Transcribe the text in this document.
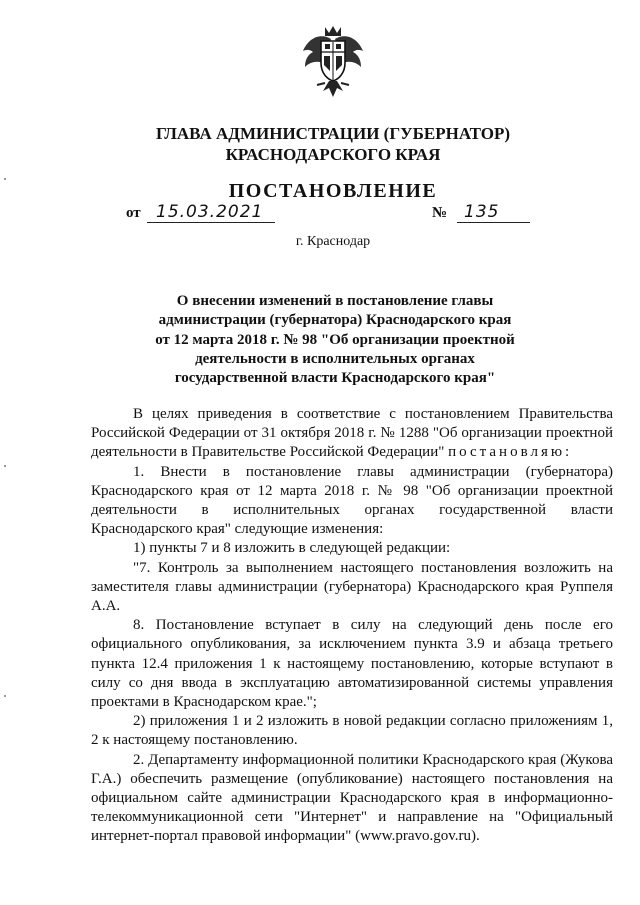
ГЛАВА АДМИНИСТРАЦИИ (ГУБЕРНАТОР)
КРАСНОДАРСКОГО КРАЯ
ПОСТАНОВЛЕНИЕ
от 15.03.2021	№ 135
г. Краснодар
О внесении изменений в постановление главы
администрации (губернатора) Краснодарского края
от 12 марта 2018 г. № 98 "Об организации проектной
деятельности в исполнительных органах
государственной власти Краснодарского края"

В целях приведения в соответствие с постановлением Правительства Российской Федерации от 31 октября 2018 г. № 1288 "Об организации проектной деятельности в Правительстве Российской Федерации" постановляю:

1. Внести в постановление главы администрации (губернатора) Краснодарского края от 12 марта 2018 г. № 98 "Об организации проектной деятельности в исполнительных органах государственной власти Краснодарского края" следующие изменения:

1) пункты 7 и 8 изложить в следующей редакции:

"7. Контроль за выполнением настоящего постановления возложить на заместителя главы администрации (губернатора) Краснодарского края Руппеля А.А.

8. Постановление вступает в силу на следующий день после его официального опубликования, за исключением пункта 3.9 и абзаца третьего пункта 12.4 приложения 1 к настоящему постановлению, которые вступают в силу со дня ввода в эксплуатацию автоматизированной системы управления проектами в Краснодарском крае.";

2) приложения 1 и 2 изложить в новой редакции согласно приложениям 1, 2 к настоящему постановлению.

2. Департаменту информационной политики Краснодарского края (Жукова Г.А.) обеспечить размещение (опубликование) настоящего постановления на официальном сайте администрации Краснодарского края в информационно-телекоммуникационной сети "Интернет" и направление на "Официальный интернет-портал правовой информации" (www.pravo.gov.ru).
